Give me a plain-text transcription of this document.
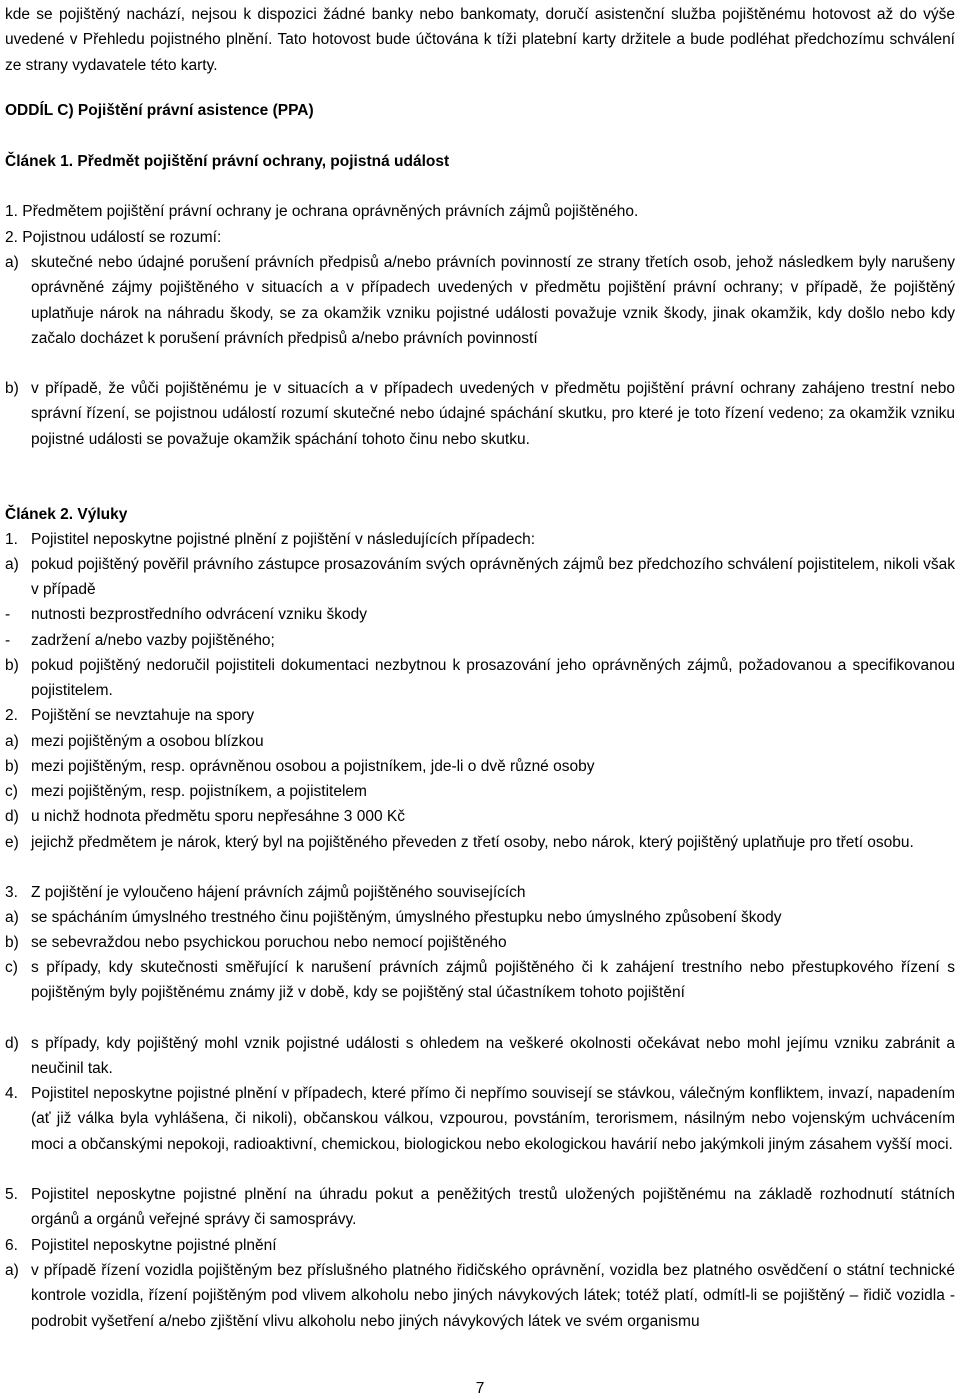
kde se pojištěný nachází, nejsou k dispozici žádné banky nebo bankomaty, doručí asistenční služba pojištěnému hotovost až do výše uvedené v Přehledu pojistného plnění. Tato hotovost bude účtována k tíži platební karty držitele a bude podléhat předchozímu schválení ze strany vydavatele této karty.
ODDÍL C) Pojištění právní asistence (PPA)
Článek 1. Předmět pojištění právní ochrany, pojistná událost
1. Předmětem pojištění právní ochrany je ochrana oprávněných právních zájmů pojištěného.
2. Pojistnou událostí se rozumí:
a) skutečné nebo údajné porušení právních předpisů a/nebo právních povinností ze strany třetích osob, jehož následkem byly narušeny oprávněné zájmy pojištěného v situacích a v případech uvedených v předmětu pojištění právní ochrany; v případě, že pojištěný uplatňuje nárok na náhradu škody, se za okamžik vzniku pojistné události považuje vznik škody, jinak okamžik, kdy došlo nebo kdy začalo docházet k porušení právních předpisů a/nebo právních povinností
b) v případě, že vůči pojištěnému je v situacích a v případech uvedených v předmětu pojištění právní ochrany zahájeno trestní nebo správní řízení, se pojistnou událostí rozumí skutečné nebo údajné spáchání skutku, pro které je toto řízení vedeno; za okamžik vzniku pojistné události se považuje okamžik spáchání tohoto činu nebo skutku.
Článek 2. Výluky
1. Pojistitel neposkytne pojistné plnění z pojištění v následujících případech:
a) pokud pojištěný pověřil právního zástupce prosazováním svých oprávněných zájmů bez předchozího schválení pojistitelem, nikoli však v případě
-	nutnosti bezprostředního odvrácení vzniku škody
-	zadržení a/nebo vazby pojištěného;
b) pokud pojištěný nedoručil pojistiteli dokumentaci nezbytnou k prosazování jeho oprávněných zájmů, požadovanou a specifikovanou pojistitelem.
2. Pojištění se nevztahuje na spory
a) mezi pojištěným a osobou blízkou
b) mezi pojištěným, resp. oprávněnou osobou a pojistníkem, jde-li o dvě různé osoby
c) mezi pojištěným, resp. pojistníkem, a pojistitelem
d) u nichž hodnota předmětu sporu nepřesáhne 3 000 Kč
e) jejichž předmětem je nárok, který byl na pojištěného převeden z třetí osoby, nebo nárok, který pojištěný uplatňuje pro třetí osobu.
3. Z pojištění je vyloučeno hájení právních zájmů pojištěného souvisejících
a) se spácháním úmyslného trestného činu pojištěným, úmyslného přestupku nebo úmyslného způsobení škody
b) se sebevraždou nebo psychickou poruchou nebo nemocí pojištěného
c) s případy, kdy skutečnosti směřující k narušení právních zájmů pojištěného či k zahájení trestního nebo přestupkového řízení s pojištěným byly pojištěnému známy již v době, kdy se pojištěný stal účastníkem tohoto pojištění
d) s případy, kdy pojištěný mohl vznik pojistné události s ohledem na veškeré okolnosti očekávat nebo mohl jejímu vzniku zabránit a neučinil tak.
4. Pojistitel neposkytne pojistné plnění v případech, které přímo či nepřímo souvisejí se stávkou, válečným konfliktem, invazí, napadením (ať již válka byla vyhlášena, či nikoli), občanskou válkou, vzpourou, povstáním, terorismem, násilným nebo vojenským uchvácením moci a občanskými nepokoji, radioaktivní, chemickou, biologickou nebo ekologickou havárií nebo jakýmkoli jiným zásahem vyšší moci.
5. Pojistitel neposkytne pojistné plnění na úhradu pokut a peněžitých trestů uložených pojištěnému na základě rozhodnutí státních orgánů a orgánů veřejné správy či samosprávy.
6. Pojistitel neposkytne pojistné plnění
a) v případě řízení vozidla pojištěným bez příslušného platného řidičského oprávnění, vozidla bez platného osvědčení o státní technické kontrole vozidla, řízení pojištěným pod vlivem alkoholu nebo jiných návykových látek; totéž platí, odmítl-li se pojištěný – řidič vozidla - podrobit vyšetření a/nebo zjištění vlivu alkoholu nebo jiných návykových látek ve svém organismu
7
